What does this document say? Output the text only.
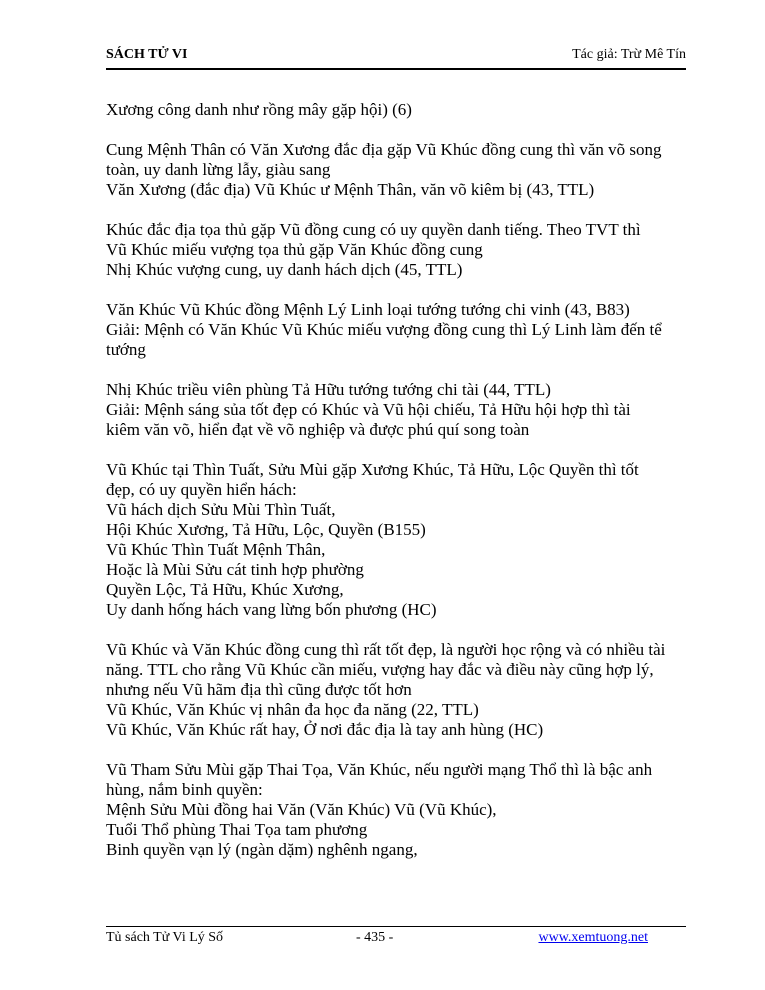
SÁCH TỬ VI	Tác giả: Trừ Mê Tín
Xương công danh như rồng mây gặp hội) (6)
Cung Mệnh Thân có Văn Xương đắc địa gặp Vũ Khúc đồng cung thì văn võ song
toàn, uy danh lừng lẫy, giàu sang
Văn Xương (đắc địa) Vũ Khúc ư Mệnh Thân, văn võ kiêm bị (43, TTL)
Khúc đắc địa tọa thủ gặp Vũ đồng cung có uy quyền danh tiếng. Theo TVT thì
Vũ Khúc miếu vượng tọa thủ gặp Văn Khúc đồng cung
Nhị Khúc vượng cung, uy danh hách dịch (45, TTL)
Văn Khúc Vũ Khúc đồng Mệnh Lý Linh loại tướng tướng chi vinh (43, B83)
Giải: Mệnh có Văn Khúc Vũ Khúc miếu vượng đồng cung thì Lý Linh làm đến tể
tướng
Nhị Khúc triều viên phùng Tả Hữu tướng tướng chi tài (44, TTL)
Giải: Mệnh sáng sủa tốt đẹp có Khúc và Vũ hội chiếu, Tả Hữu hội hợp thì tài
kiêm văn võ, hiển đạt về võ nghiệp và được phú quí song toàn
Vũ Khúc tại Thìn Tuất, Sửu Mùi gặp Xương Khúc, Tả Hữu, Lộc Quyền thì tốt
đẹp, có uy quyền hiển hách:
Vũ hách dịch Sửu Mùi Thìn Tuất,
Hội Khúc Xương, Tả Hữu, Lộc, Quyền (B155)
Vũ Khúc Thìn Tuất Mệnh Thân,
Hoặc là Mùi Sửu cát tinh hợp phường
Quyền Lộc, Tả Hữu, Khúc Xương,
Uy danh hống hách vang lừng bốn phương (HC)
Vũ Khúc và Văn Khúc đồng cung thì rất tốt đẹp, là người học rộng và có nhiều tài
năng. TTL cho rằng Vũ Khúc cần miếu, vượng hay đắc và điều này cũng hợp lý,
nhưng nếu Vũ hãm địa thì cũng được tốt hơn
Vũ Khúc, Văn Khúc vị nhân đa học đa năng (22, TTL)
Vũ Khúc, Văn Khúc rất hay, Ở nơi đắc địa là tay anh hùng (HC)
Vũ Tham Sửu Mùi gặp Thai Tọa, Văn Khúc, nếu người mạng Thổ thì là bậc anh
hùng, nắm binh quyền:
Mệnh Sửu Mùi đồng hai Văn (Văn Khúc) Vũ (Vũ Khúc),
Tuổi Thổ phùng Thai Tọa tam phương
Binh quyền vạn lý (ngàn dặm) nghênh ngang,
Tủ sách Tử Vi Lý Số	- 435 -	www.xemtuong.net
